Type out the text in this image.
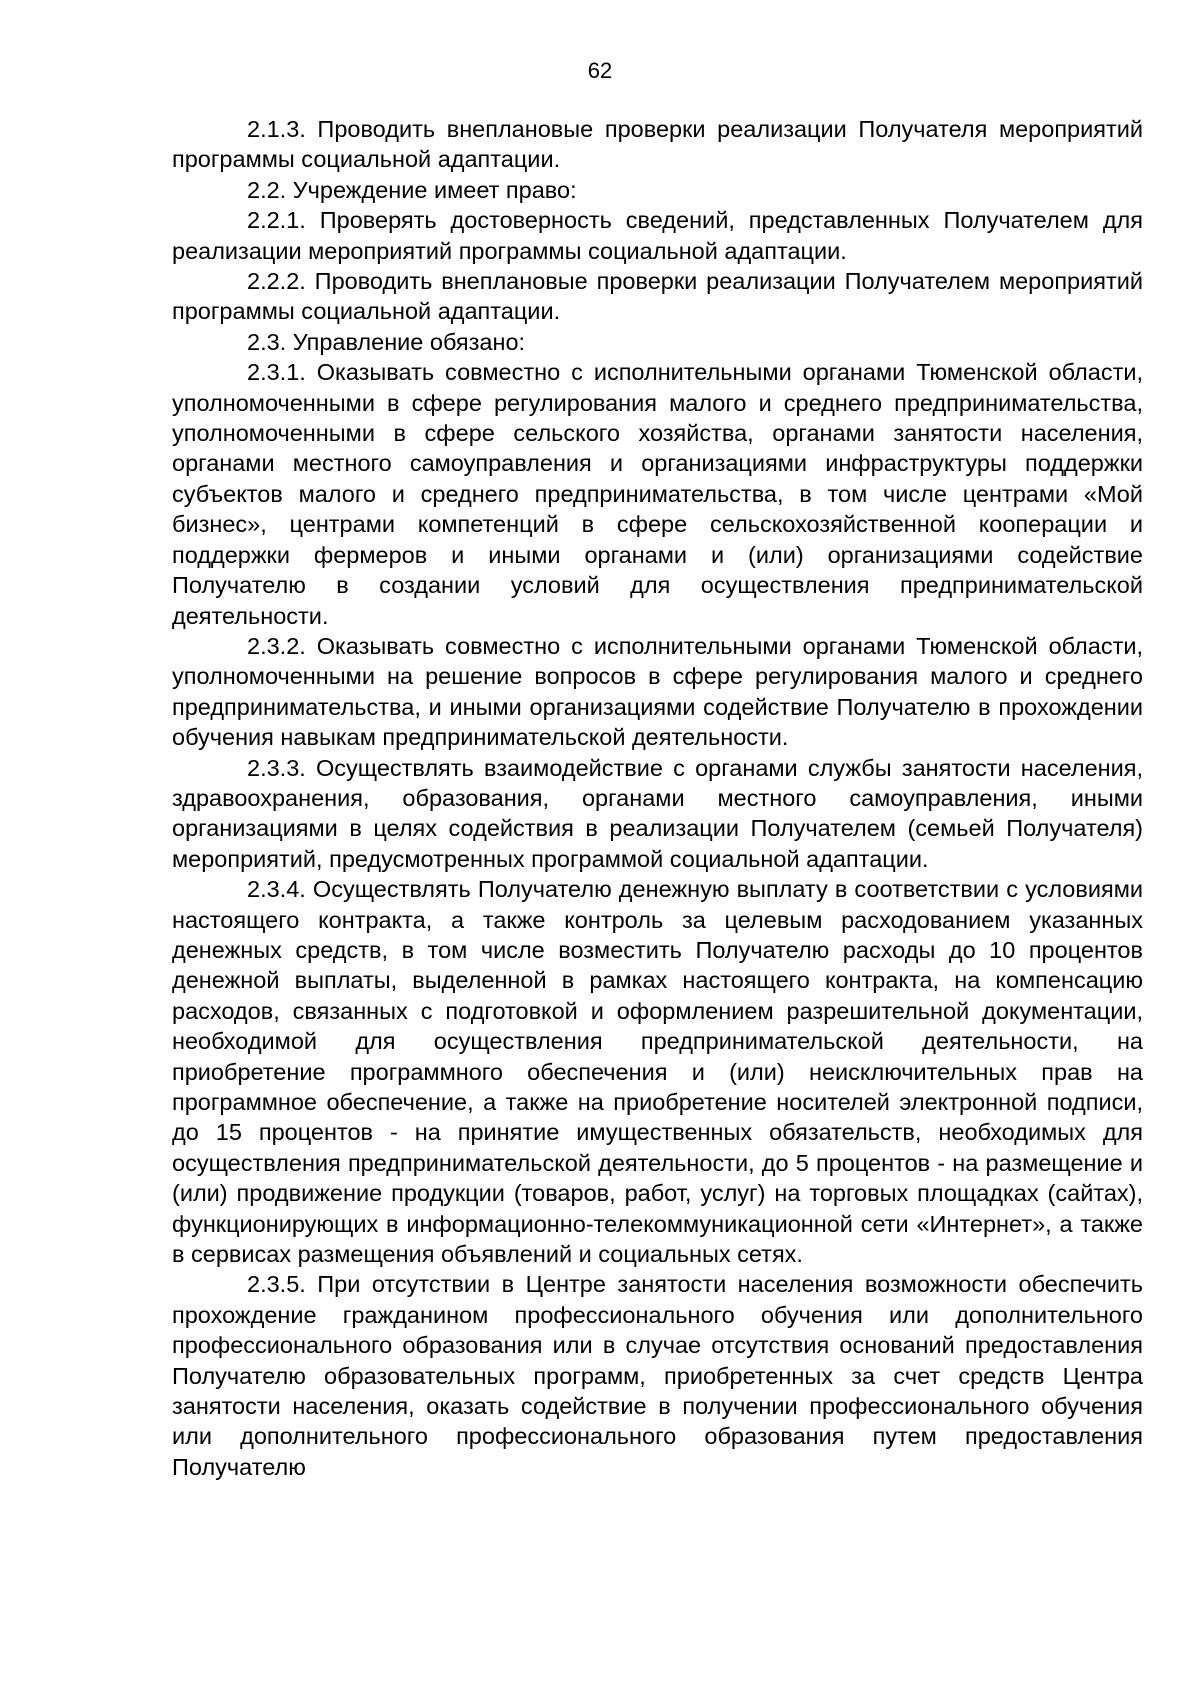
62

2.1.3. Проводить внеплановые проверки реализации Получателя мероприятий программы социальной адаптации.

2.2. Учреждение имеет право:

2.2.1. Проверять достоверность сведений, представленных Получателем для реализации мероприятий программы социальной адаптации.

2.2.2. Проводить внеплановые проверки реализации Получателем мероприятий программы социальной адаптации.

2.3. Управление обязано:

2.3.1. Оказывать совместно с исполнительными органами Тюменской области, уполномоченными в сфере регулирования малого и среднего предпринимательства, уполномоченными в сфере сельского хозяйства, органами занятости населения, органами местного самоуправления и организациями инфраструктуры поддержки субъектов малого и среднего предпринимательства, в том числе центрами «Мой бизнес», центрами компетенций в сфере сельскохозяйственной кооперации и поддержки фермеров и иными органами и (или) организациями содействие Получателю в создании условий для осуществления предпринимательской деятельности.

2.3.2. Оказывать совместно с исполнительными органами Тюменской области, уполномоченными на решение вопросов в сфере регулирования малого и среднего предпринимательства, и иными организациями содействие Получателю в прохождении обучения навыкам предпринимательской деятельности.

2.3.3. Осуществлять взаимодействие с органами службы занятости населения, здравоохранения, образования, органами местного самоуправления, иными организациями в целях содействия в реализации Получателем (семьей Получателя) мероприятий, предусмотренных программой социальной адаптации.

2.3.4. Осуществлять Получателю денежную выплату в соответствии с условиями настоящего контракта, а также контроль за целевым расходованием указанных денежных средств, в том числе возместить Получателю расходы до 10 процентов денежной выплаты, выделенной в рамках настоящего контракта, на компенсацию расходов, связанных с подготовкой и оформлением разрешительной документации, необходимой для осуществления предпринимательской деятельности, на приобретение программного обеспечения и (или) неисключительных прав на программное обеспечение, а также на приобретение носителей электронной подписи, до 15 процентов - на принятие имущественных обязательств, необходимых для осуществления предпринимательской деятельности, до 5 процентов - на размещение и (или) продвижение продукции (товаров, работ, услуг) на торговых площадках (сайтах), функционирующих в информационно-телекоммуникационной сети «Интернет», а также в сервисах размещения объявлений и социальных сетях.

2.3.5. При отсутствии в Центре занятости населения возможности обеспечить прохождение гражданином профессионального обучения или дополнительного профессионального образования или в случае отсутствия оснований предоставления Получателю образовательных программ, приобретенных за счет средств Центра занятости населения, оказать содействие в получении профессионального обучения или дополнительного профессионального образования путем предоставления Получателю
